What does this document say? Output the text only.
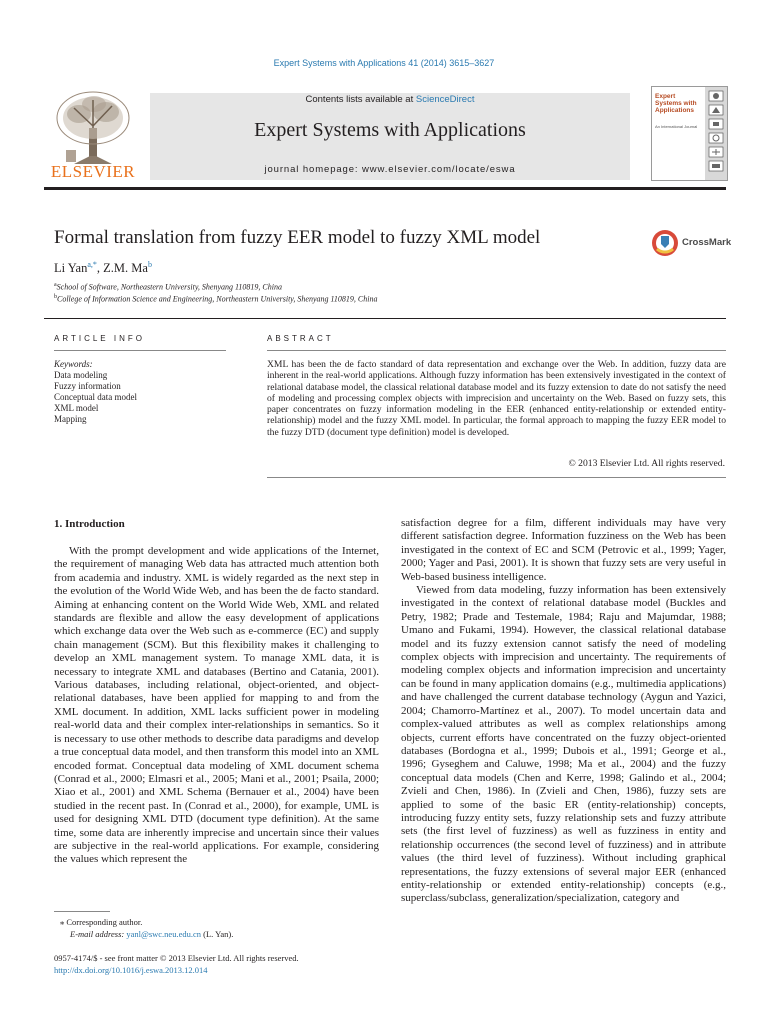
Expert Systems with Applications 41 (2014) 3615–3627
ELSEVIER
Contents lists available at ScienceDirect
Expert Systems with Applications
journal homepage: www.elsevier.com/locate/eswa
Expert Systems with Applications
An International Journal
Formal translation from fuzzy EER model to fuzzy XML model	CrossMark
Li Yan$^{a,*}$, Z.M. Ma$^b$
$^a$School of Software, Northeastern University, Shenyang 110819, China
$^b$College of Information Science and Engineering, Northeastern University, Shenyang 110819, China
ARTICLE INFO
Keywords:
Data modeling
Fuzzy information
Conceptual data model
XML model
Mapping
ABSTRACT
XML has been the de facto standard of data representation and exchange over the Web. In addition, fuzzy data are inherent in the real-world applications. Although fuzzy information has been extensively investigated in the context of relational database model, the classical relational database model and its fuzzy extension to date do not satisfy the need of modeling and processing complex objects with imprecision and uncertainty on the Web. Based on fuzzy sets, this paper concentrates on fuzzy information modeling in the EER (enhanced entity-relationship or extended entity-relationship) model and the fuzzy XML model. In particular, the formal approach to mapping the fuzzy EER model to the fuzzy DTD (document type definition) model is developed.
© 2013 Elsevier Ltd. All rights reserved.
1. Introduction

With the prompt development and wide applications of the Internet, the requirement of managing Web data has attracted much attention both from academia and industry. XML is widely regarded as the next step in the evolution of the World Wide Web, and has been the de facto standard. Aiming at enhancing content on the World Wide Web, XML and related standards are flexible and allow the easy development of applications which exchange data over the Web such as e-commerce (EC) and supply chain management (SCM). But this flexibility makes it challenging to develop an XML management system. To manage XML data, it is necessary to integrate XML and databases (Bertino and Catania, 2001). Various databases, including relational, object-oriented, and object-relational databases, have been applied for mapping to and from the XML document. In addition, XML lacks sufficient power in modeling real-world data and their complex inter-relationships in semantics. So it is necessary to use other methods to describe data paradigms and develop a true conceptual data model, and then transform this model into an XML encoded format. Conceptual data modeling of XML document schema (Conrad et al., 2000; Elmasri et al., 2005; Mani et al., 2001; Psaila, 2000; Xiao et al., 2001) and XML Schema (Bernauer et al., 2004) have been studied in the recent past. In (Conrad et al., 2000), for example, UML is used for designing XML DTD (document type definition). At the same time, some data are inherently imprecise and uncertain since their values are subjective in the real-world applications. For example, considering the values which represent the

satisfaction degree for a film, different individuals may have very different satisfaction degree. Information fuzziness on the Web has been investigated in the context of EC and SCM (Petrovic et al., 1999; Yager, 2000; Yager and Pasi, 2001). It is shown that fuzzy sets are very useful in Web-based business intelligence.

Viewed from data modeling, fuzzy information has been extensively investigated in the context of relational database model (Buckles and Petry, 1982; Prade and Testemale, 1984; Raju and Majumdar, 1988; Umano and Fukami, 1994). However, the classical relational database model and its fuzzy extension cannot satisfy the need of modeling complex objects with imprecision and uncertainty. The requirements of modeling complex objects and information imprecision and uncertainty can be found in many application domains (e.g., multimedia applications) and have challenged the current database technology (Aygun and Yazici, 2004; Chamorro-Martínez et al., 2007). To model uncertain data and complex-valued attributes as well as complex relationships among objects, current efforts have concentrated on the fuzzy object-oriented databases (Bordogna et al., 1999; Dubois et al., 1991; George et al., 1996; Gyseghem and Caluwe, 1998; Ma et al., 2004) and the fuzzy conceptual data models (Chen and Kerre, 1998; Galindo et al., 2004; Zvieli and Chen, 1986). In (Zvieli and Chen, 1986), fuzzy sets are applied to some of the basic ER (entity-relationship) concepts, introducing fuzzy entity sets, fuzzy relationship sets and fuzzy attribute sets (the first level of fuzziness) as well as fuzziness in entity and relationship occurrences (the second level of fuzziness) and in attribute values (the third level of fuzziness). Without including graphical representations, the fuzzy extensions of several major EER (enhanced entity-relationship or extended entity-relationship) concepts (e.g., superclass/subclass, generalization/specialization, category and

⁎ Corresponding author.
E-mail address: yanl@swc.neu.edu.cn (L. Yan).
0957-4174/$ - see front matter © 2013 Elsevier Ltd. All rights reserved.
http://dx.doi.org/10.1016/j.eswa.2013.12.014
